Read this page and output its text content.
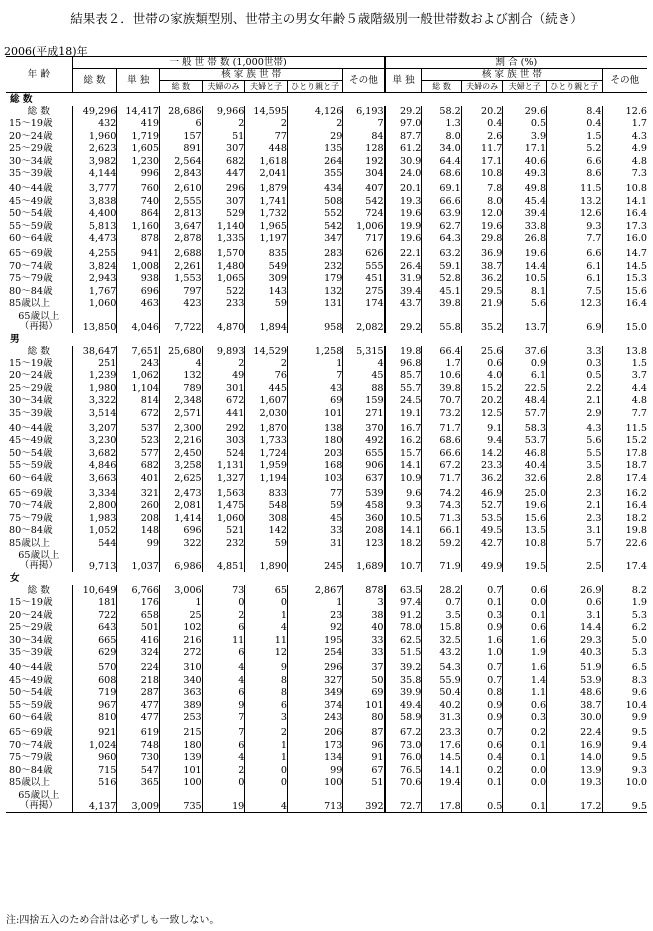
結果表２．世帯の家族類型別、世帯主の男女年齢５歳階級別一般世帯数および割合（続き）
2006(平成18)年
年 齢	一 般 世 帯 数 (1,000世帯)							割 合 (%)					
	総 数	単 独	核 家 族 世 帯				その他	単 独	核 家 族 世 帯				その他
			総 数	夫婦のみ	夫婦と子	ひとり親と子			総 数	夫婦のみ	夫婦と子	ひとり親と子	
総 数													
総 数	49,296	14,417	28,686	9,966	14,595	4,126	6,193	29.2	58.2	20.2	29.6	8.4	12.6
15～19歳	432	419	6	2	2	2	7	97.0	1.3	0.4	0.5	0.4	1.7
20～24歳	1,960	1,719	157	51	77	29	84	87.7	8.0	2.6	3.9	1.5	4.3
25～29歳	2,623	1,605	891	307	448	135	128	61.2	34.0	11.7	17.1	5.2	4.9
30～34歳	3,982	1,230	2,564	682	1,618	264	192	30.9	64.4	17.1	40.6	6.6	4.8
35～39歳	4,144	996	2,843	447	2,041	355	304	24.0	68.6	10.8	49.3	8.6	7.3

40～44歳	3,777	760	2,610	296	1,879	434	407	20.1	69.1	7.8	49.8	11.5	10.8
45～49歳	3,838	740	2,555	307	1,741	508	542	19.3	66.6	8.0	45.4	13.2	14.1
50～54歳	4,400	864	2,813	529	1,732	552	724	19.6	63.9	12.0	39.4	12.6	16.4
55～59歳	5,813	1,160	3,647	1,140	1,965	542	1,006	19.9	62.7	19.6	33.8	9.3	17.3
60～64歳	4,473	878	2,878	1,335	1,197	347	717	19.6	64.3	29.8	26.8	7.7	16.0

65～69歳	4,255	941	2,688	1,570	835	283	626	22.1	63.2	36.9	19.6	6.6	14.7
70～74歳	3,824	1,008	2,261	1,480	549	232	555	26.4	59.1	38.7	14.4	6.1	14.5
75～79歳	2,943	938	1,553	1,065	309	179	451	31.9	52.8	36.2	10.5	6.1	15.3
80～84歳	1,767	696	797	522	143	132	275	39.4	45.1	29.5	8.1	7.5	15.6
85歳以上	1,060	463	423	233	59	131	174	43.7	39.8	21.9	5.6	12.3	16.4

65歳以上
（再掲）	13,850	4,046	7,722	4,870	1,894	958	2,082	29.2	55.8	35.2	13.7	6.9	15.0
男													
総 数	38,647	7,651	25,680	9,893	14,529	1,258	5,315	19.8	66.4	25.6	37.6	3.3	13.8
15～19歳	251	243	4	2	2	1	4	96.8	1.7	0.6	0.9	0.3	1.5
20～24歳	1,239	1,062	132	49	76	7	45	85.7	10.6	4.0	6.1	0.5	3.7
25～29歳	1,980	1,104	789	301	445	43	88	55.7	39.8	15.2	22.5	2.2	4.4
30～34歳	3,322	814	2,348	672	1,607	69	159	24.5	70.7	20.2	48.4	2.1	4.8
35～39歳	3,514	672	2,571	441	2,030	101	271	19.1	73.2	12.5	57.7	2.9	7.7

40～44歳	3,207	537	2,300	292	1,870	138	370	16.7	71.7	9.1	58.3	4.3	11.5
45～49歳	3,230	523	2,216	303	1,733	180	492	16.2	68.6	9.4	53.7	5.6	15.2
50～54歳	3,682	577	2,450	524	1,724	203	655	15.7	66.6	14.2	46.8	5.5	17.8
55～59歳	4,846	682	3,258	1,131	1,959	168	906	14.1	67.2	23.3	40.4	3.5	18.7
60～64歳	3,663	401	2,625	1,327	1,194	103	637	10.9	71.7	36.2	32.6	2.8	17.4

65～69歳	3,334	321	2,473	1,563	833	77	539	9.6	74.2	46.9	25.0	2.3	16.2
70～74歳	2,800	260	2,081	1,475	548	59	458	9.3	74.3	52.7	19.6	2.1	16.4
75～79歳	1,983	208	1,414	1,060	308	45	360	10.5	71.3	53.5	15.6	2.3	18.2
80～84歳	1,052	148	696	521	142	33	208	14.1	66.1	49.5	13.5	3.1	19.8
85歳以上	544	99	322	232	59	31	123	18.2	59.2	42.7	10.8	5.7	22.6

65歳以上
（再掲）	9,713	1,037	6,986	4,851	1,890	245	1,689	10.7	71.9	49.9	19.5	2.5	17.4
女													
総 数	10,649	6,766	3,006	73	65	2,867	878	63.5	28.2	0.7	0.6	26.9	8.2
15～19歳	181	176	1	0	0	1	3	97.4	0.7	0.1	0.0	0.6	1.9
20～24歳	722	658	25	2	1	23	38	91.2	3.5	0.3	0.1	3.1	5.3
25～29歳	643	501	102	6	4	92	40	78.0	15.8	0.9	0.6	14.4	6.2
30～34歳	665	416	216	11	11	195	33	62.5	32.5	1.6	1.6	29.3	5.0
35～39歳	629	324	272	6	12	254	33	51.5	43.2	1.0	1.9	40.3	5.3

40～44歳	570	224	310	4	9	296	37	39.2	54.3	0.7	1.6	51.9	6.5
45～49歳	608	218	340	4	8	327	50	35.8	55.9	0.7	1.4	53.9	8.3
50～54歳	719	287	363	6	8	349	69	39.9	50.4	0.8	1.1	48.6	9.6
55～59歳	967	477	389	9	6	374	101	49.4	40.2	0.9	0.6	38.7	10.4
60～64歳	810	477	253	7	3	243	80	58.9	31.3	0.9	0.3	30.0	9.9

65～69歳	921	619	215	7	2	206	87	67.2	23.3	0.7	0.2	22.4	9.5
70～74歳	1,024	748	180	6	1	173	96	73.0	17.6	0.6	0.1	16.9	9.4
75～79歳	960	730	139	4	1	134	91	76.0	14.5	0.4	0.1	14.0	9.5
80～84歳	715	547	101	2	0	99	67	76.5	14.1	0.2	0.0	13.9	9.3
85歳以上	516	365	100	0	0	100	51	70.6	19.4	0.1	0.0	19.3	10.0

65歳以上
（再掲）	4,137	3,009	735	19	4	713	392	72.7	17.8	0.5	0.1	17.2	9.5
注:四捨五入のため合計は必ずしも一致しない。
